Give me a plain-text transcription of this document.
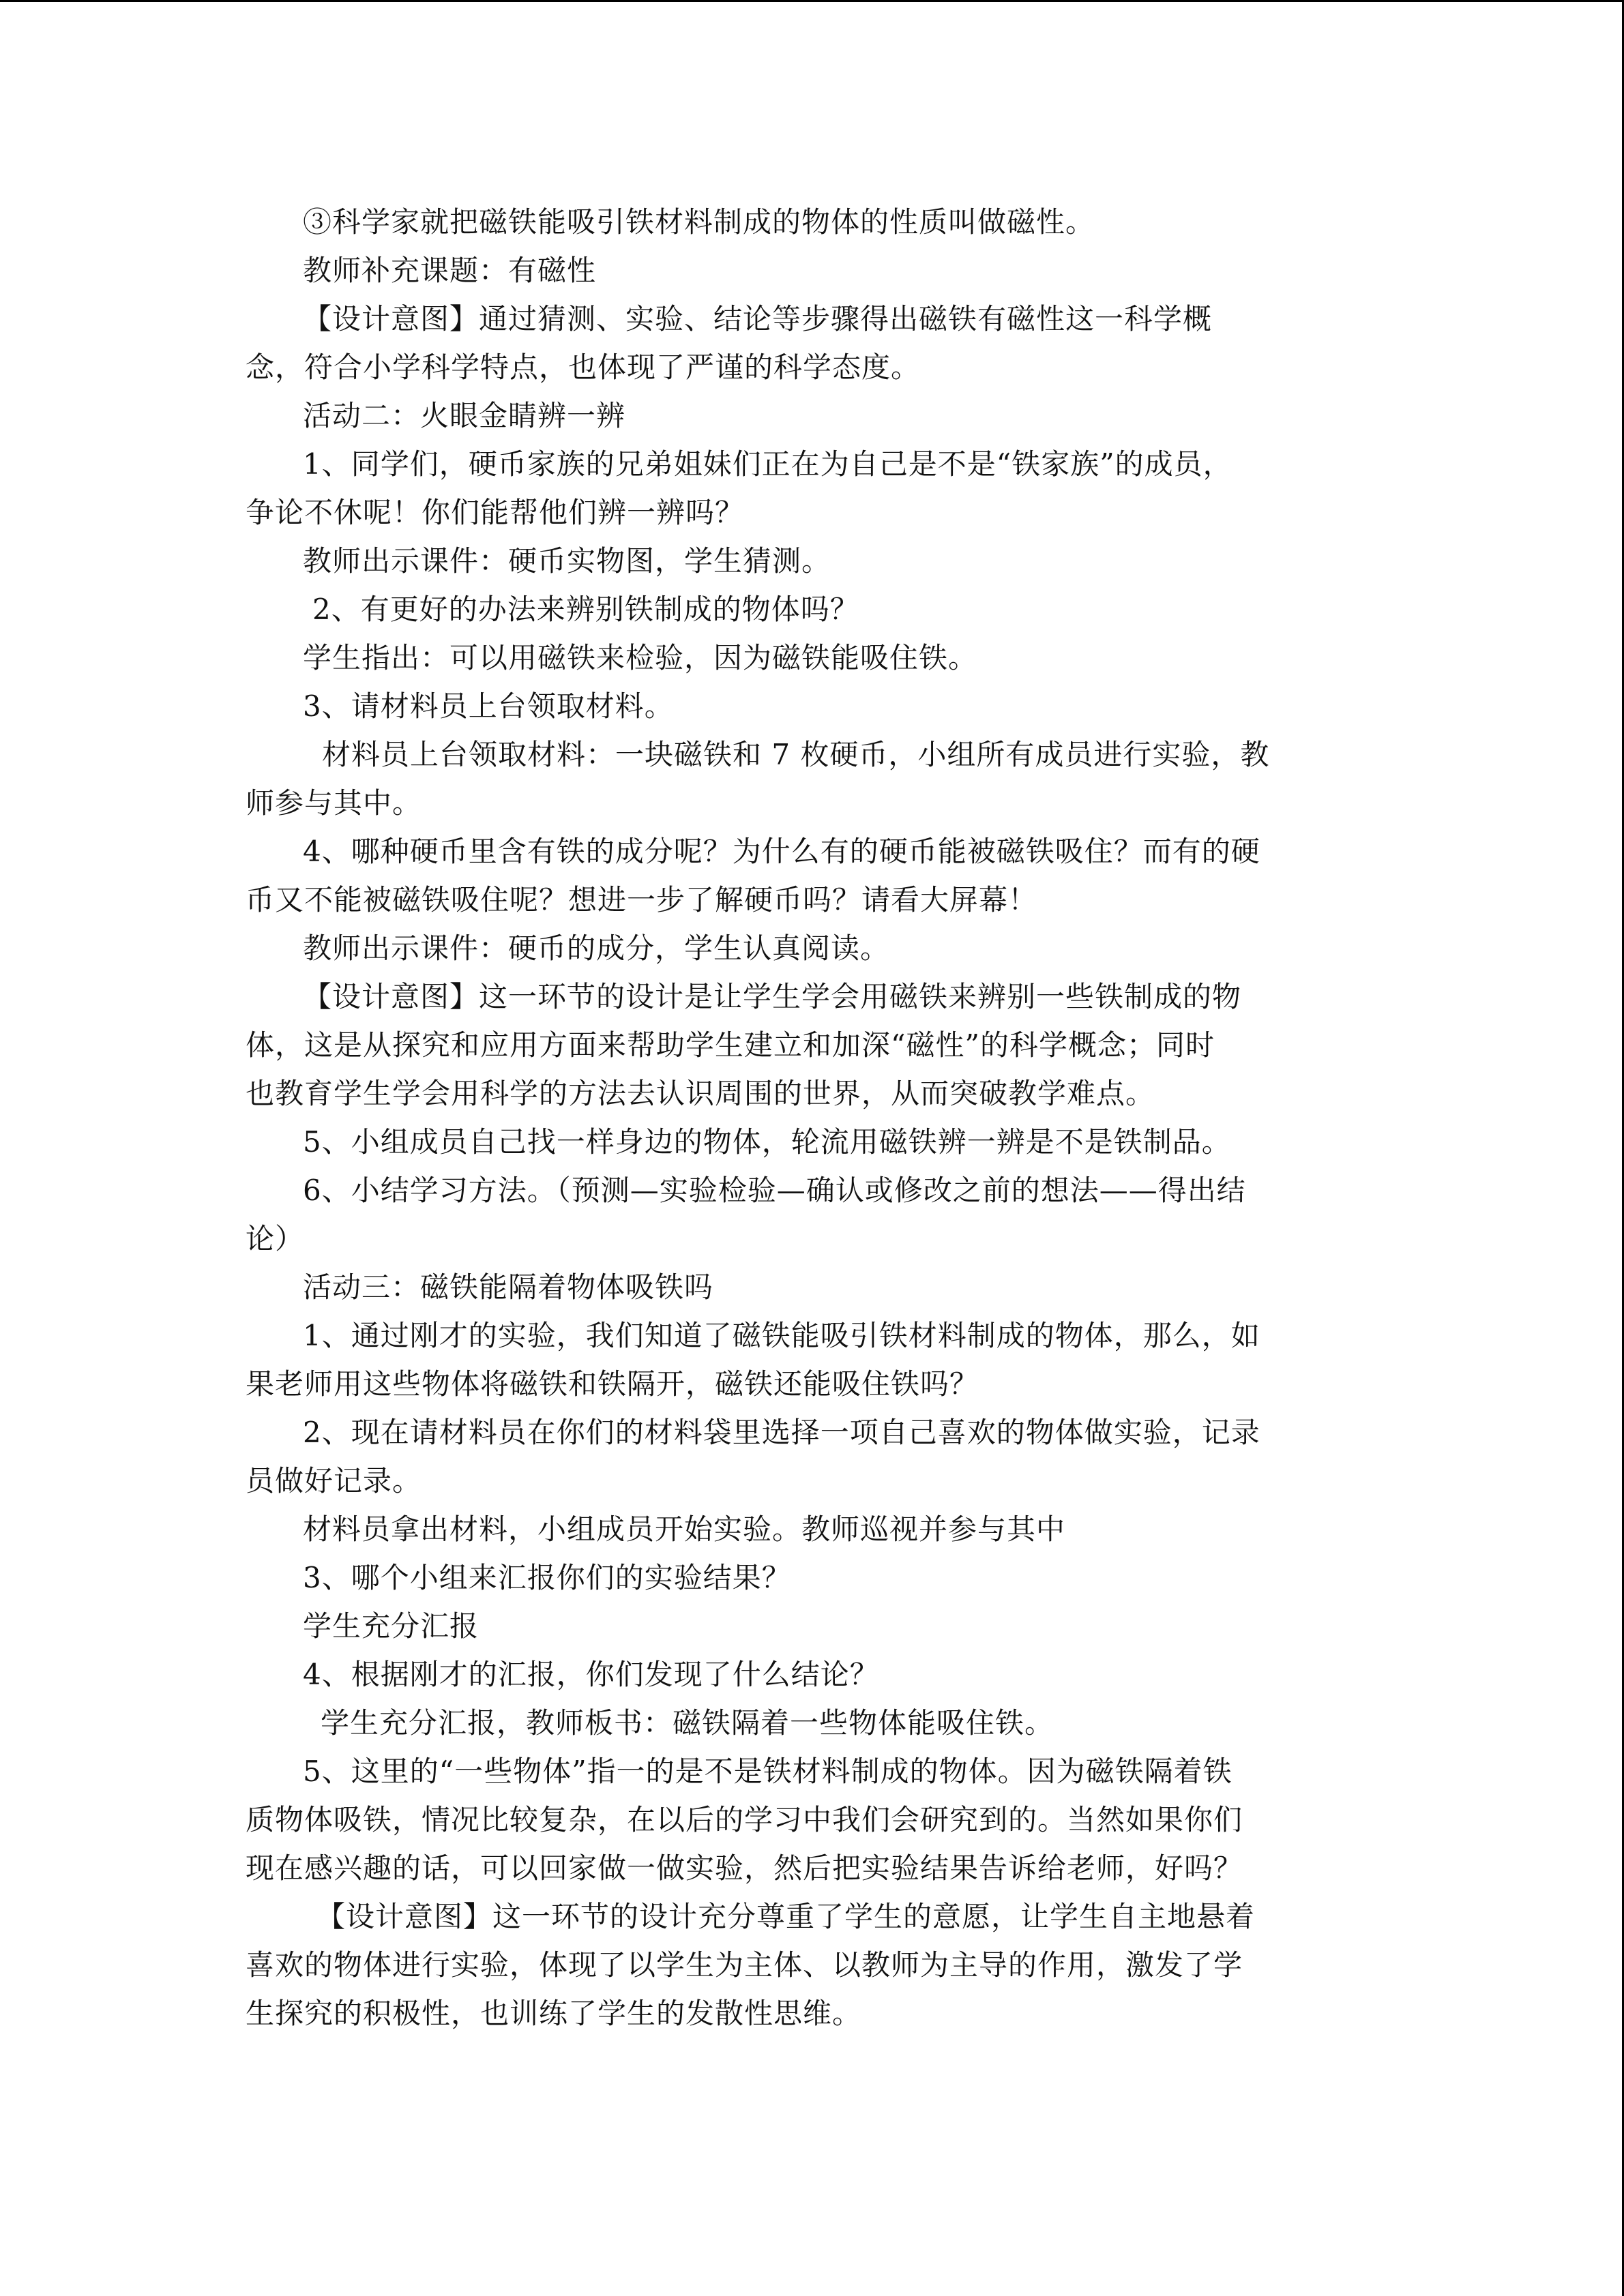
③科学家就把磁铁能吸引铁材料制成的物体的性质叫做磁性。
教师补充课题：有磁性
【设计意图】通过猜测、实验、结论等步骤得出磁铁有磁性这一科学概
念，符合小学科学特点，也体现了严谨的科学态度。
活动二：火眼金睛辨一辨
1、同学们，硬币家族的兄弟姐妹们正在为自己是不是“铁家族”的成员，
争论不休呢！你们能帮他们辨一辨吗？
教师出示课件：硬币实物图，学生猜测。
2、有更好的办法来辨别铁制成的物体吗？
学生指出：可以用磁铁来检验，因为磁铁能吸住铁。
3、请材料员上台领取材料。
材料员上台领取材料：一块磁铁和 7 枚硬币，小组所有成员进行实验，教
师参与其中。
4、哪种硬币里含有铁的成分呢？为什么有的硬币能被磁铁吸住？而有的硬
币又不能被磁铁吸住呢？想进一步了解硬币吗？请看大屏幕！
教师出示课件：硬币的成分，学生认真阅读。
【设计意图】这一环节的设计是让学生学会用磁铁来辨别一些铁制成的物
体，这是从探究和应用方面来帮助学生建立和加深“磁性”的科学概念；同时
也教育学生学会用科学的方法去认识周围的世界，从而突破教学难点。
5、小组成员自己找一样身边的物体，轮流用磁铁辨一辨是不是铁制品。
6、小结学习方法。（预测—实验检验—确认或修改之前的想法——得出结
论）
活动三：磁铁能隔着物体吸铁吗
1、通过刚才的实验，我们知道了磁铁能吸引铁材料制成的物体，那么，如
果老师用这些物体将磁铁和铁隔开，磁铁还能吸住铁吗？
2、现在请材料员在你们的材料袋里选择一项自己喜欢的物体做实验，记录
员做好记录。
材料员拿出材料，小组成员开始实验。教师巡视并参与其中
3、哪个小组来汇报你们的实验结果？
学生充分汇报
4、根据刚才的汇报，你们发现了什么结论？
学生充分汇报，教师板书：磁铁隔着一些物体能吸住铁。
5、这里的“一些物体”指一的是不是铁材料制成的物体。因为磁铁隔着铁
质物体吸铁，情况比较复杂，在以后的学习中我们会研究到的。当然如果你们
现在感兴趣的话，可以回家做一做实验，然后把实验结果告诉给老师，好吗？
【设计意图】这一环节的设计充分尊重了学生的意愿，让学生自主地悬着
喜欢的物体进行实验，体现了以学生为主体、以教师为主导的作用，激发了学
生探究的积极性，也训练了学生的发散性思维。
